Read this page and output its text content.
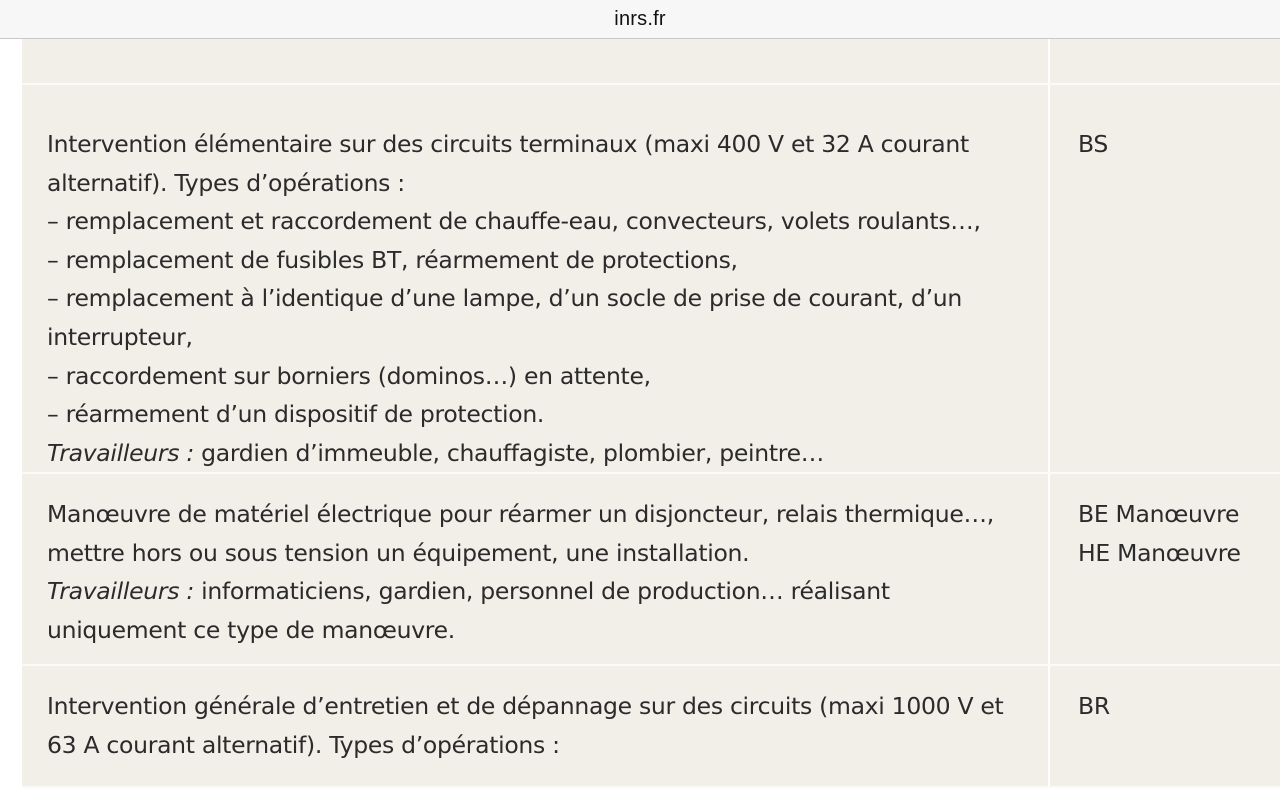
inrs.fr
Intervention élémentaire sur des circuits terminaux (maxi 400 V et 32 A courant
alternatif). Types d’opérations :
– remplacement et raccordement de chauffe-eau, convecteurs, volets roulants…,
– remplacement de fusibles BT, réarmement de protections,
– remplacement à l’identique d’une lampe, d’un socle de prise de courant, d’un
interrupteur,
– raccordement sur borniers (dominos…) en attente,
– réarmement d’un dispositif de protection.
Travailleurs : gardien d’immeuble, chauffagiste, plombier, peintre…
BS
Manœuvre de matériel électrique pour réarmer un disjoncteur, relais thermique…,
mettre hors ou sous tension un équipement, une installation.
Travailleurs : informaticiens, gardien, personnel de production… réalisant
uniquement ce type de manœuvre.
BE Manœuvre
HE Manœuvre
Intervention générale d’entretien et de dépannage sur des circuits (maxi 1000 V et
63 A courant alternatif). Types d’opérations :
BR
